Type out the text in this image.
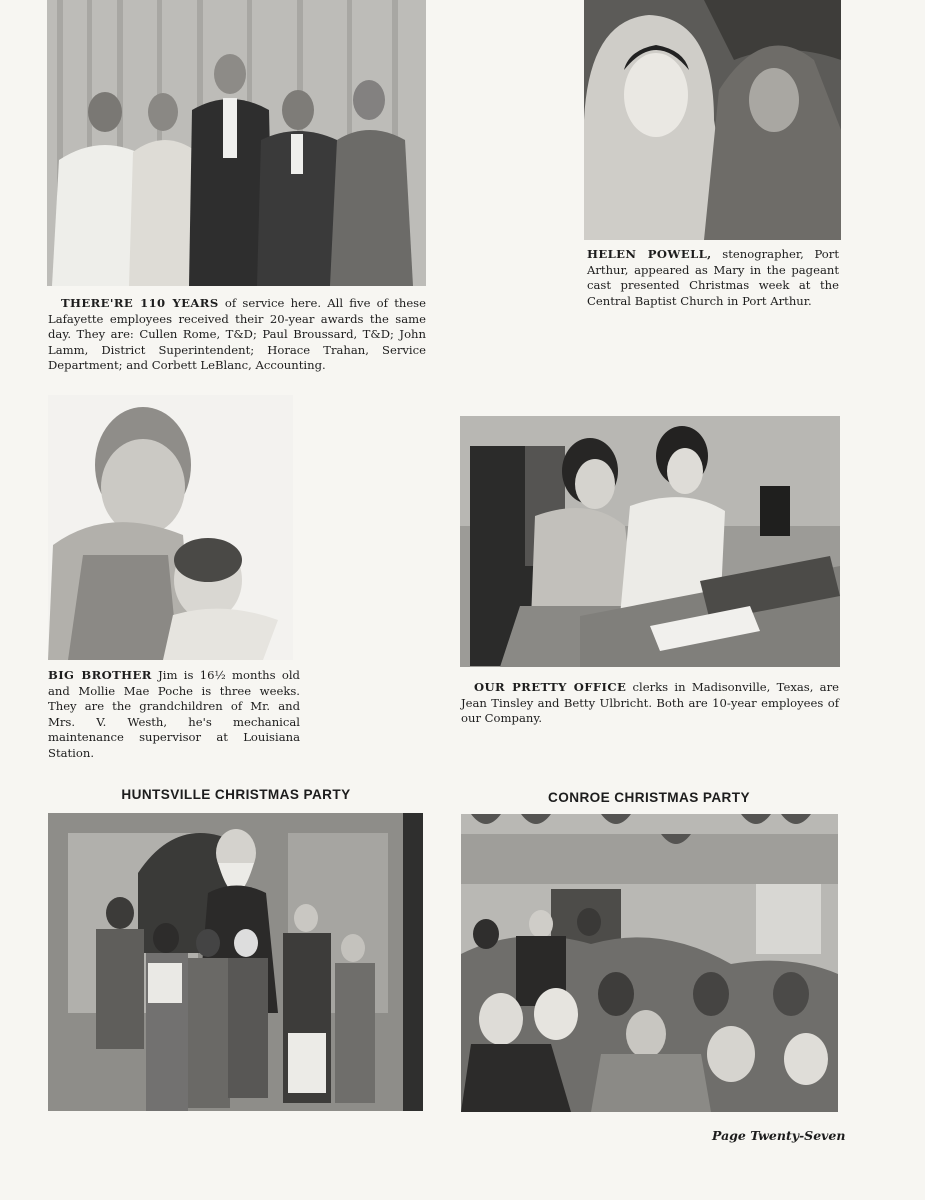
HELEN POWELL, stenographer, Port Arthur, appeared as Mary in the pageant cast presented Christmas week at the Central Baptist Church in Port Arthur.

THERE'RE 110 YEARS of service here. All five of these Lafayette employees received their 20-year awards the same day. They are: Cullen Rome, T&D; Paul Broussard, T&D; John Lamm, District Superintendent; Horace Trahan, Service Department; and Corbett LeBlanc, Accounting.

BIG BROTHER Jim is 16½ months old and Mollie Mae Poche is three weeks. They are the grandchildren of Mr. and Mrs. V. Westh, he's mechanical maintenance supervisor at Louisiana Station.

OUR PRETTY OFFICE clerks in Madisonville, Texas, are Jean Tinsley and Betty Ulbricht. Both are 10-year employees of our Company.

HUNTSVILLE CHRISTMAS PARTY	CONROE CHRISTMAS PARTY
Page Twenty-Seven
